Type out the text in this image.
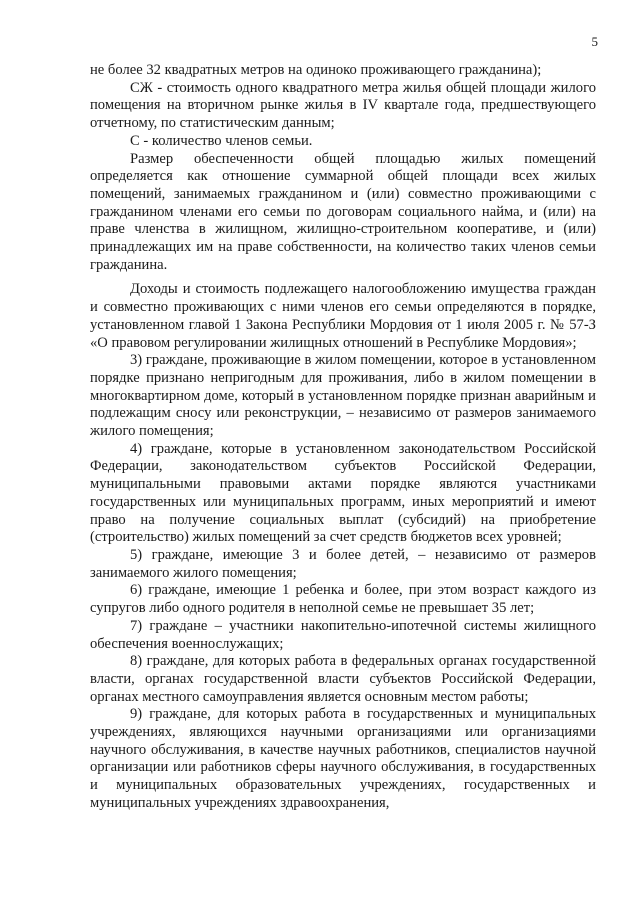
5

не более 32 квадратных метров на одиноко проживающего гражданина);

СЖ - стоимость одного квадратного метра жилья общей площади жилого помещения на вторичном рынке жилья в IV квартале года, предшествующего отчетному, по статистическим данным;

С - количество членов семьи.

Размер обеспеченности общей площадью жилых помещений определяется как отношение суммарной общей площади всех жилых помещений, занимаемых гражданином и (или) совместно проживающими с гражданином членами его семьи по договорам социального найма, и (или) на праве членства в жилищном, жилищно-строительном кооперативе, и (или) принадлежащих им на праве собственности, на количество таких членов семьи гражданина.

Доходы и стоимость подлежащего налогообложению имущества граждан и совместно проживающих с ними членов его семьи определяются в порядке, установленном главой 1 Закона Республики Мордовия от 1 июля 2005 г. № 57-З «О правовом регулировании жилищных отношений в Республике Мордовия»;

3) граждане, проживающие в жилом помещении, которое в установленном порядке признано непригодным для проживания, либо в жилом помещении в многоквартирном доме, который в установленном порядке признан аварийным и подлежащим сносу или реконструкции, – независимо от размеров занимаемого жилого помещения;

4) граждане, которые в установленном законодательством Российской Федерации, законодательством субъектов Российской Федерации, муниципальными правовыми актами порядке являются участниками государственных или муниципальных программ, иных мероприятий и имеют право на получение социальных выплат (субсидий) на приобретение (строительство) жилых помещений за счет средств бюджетов всех уровней;

5) граждане, имеющие 3 и более детей, – независимо от размеров занимаемого жилого помещения;

6) граждане, имеющие 1 ребенка и более, при этом возраст каждого из супругов либо одного родителя в неполной семье не превышает 35 лет;

7) граждане – участники накопительно-ипотечной системы жилищного обеспечения военнослужащих;

8) граждане, для которых работа в федеральных органах государственной власти, органах государственной власти субъектов Российской Федерации, органах местного самоуправления является основным местом работы;

9) граждане, для которых работа в государственных и муниципальных учреждениях, являющихся научными организациями или организациями научного обслуживания, в качестве научных работников, специалистов научной организации или работников сферы научного обслуживания, в государственных и муниципальных образовательных учреждениях, государственных и муниципальных учреждениях здравоохранения,
